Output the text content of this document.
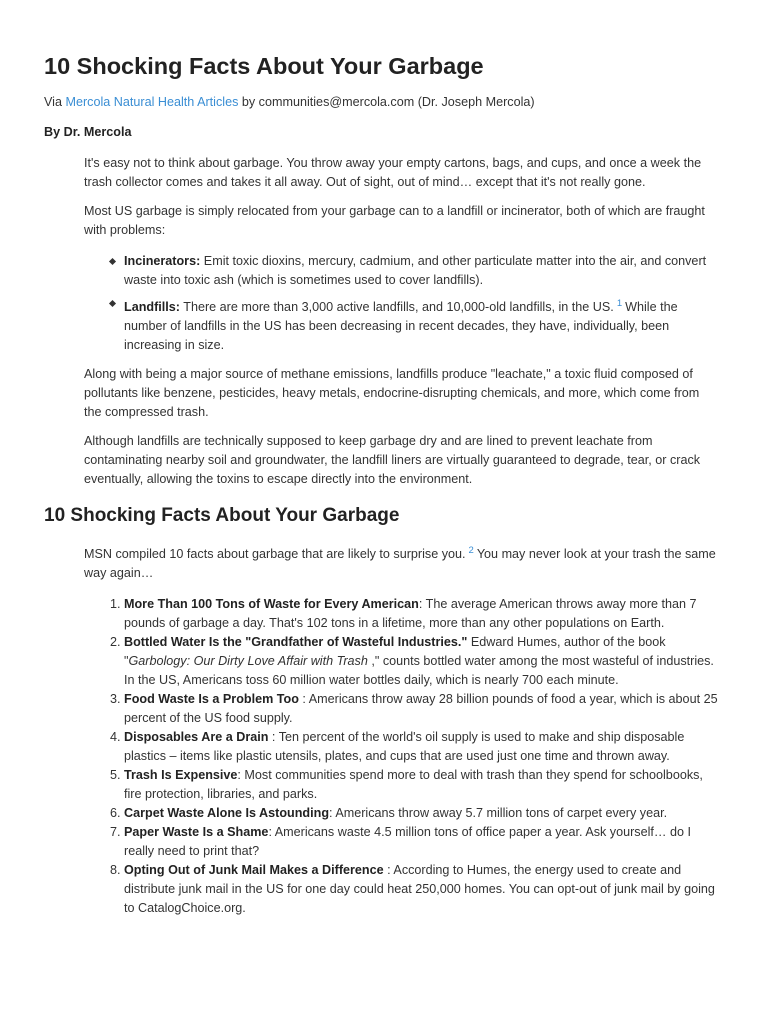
10 Shocking Facts About Your Garbage
Via Mercola Natural Health Articles by communities@mercola.com (Dr. Joseph Mercola)
By Dr. Mercola

It's easy not to think about garbage. You throw away your empty cartons, bags, and cups, and once a week the trash collector comes and takes it all away. Out of sight, out of mind… except that it's not really gone.

Most US garbage is simply relocated from your garbage can to a landfill or incinerator, both of which are fraught with problems:

Incinerators: Emit toxic dioxins, mercury, cadmium, and other particulate matter into the air, and convert waste into toxic ash (which is sometimes used to cover landfills).
Landfills: There are more than 3,000 active landfills, and 10,000-old landfills, in the US. $^1$ While the number of landfills in the US has been decreasing in recent decades, they have, individually, been increasing in size.

Along with being a major source of methane emissions, landfills produce "leachate," a toxic fluid composed of pollutants like benzene, pesticides, heavy metals, endocrine-disrupting chemicals, and more, which come from the compressed trash.

Although landfills are technically supposed to keep garbage dry and are lined to prevent leachate from contaminating nearby soil and groundwater, the landfill liners are virtually guaranteed to degrade, tear, or crack eventually, allowing the toxins to escape directly into the environment.

10 Shocking Facts About Your Garbage

MSN compiled 10 facts about garbage that are likely to surprise you. $^2$ You may never look at your trash the same way again…

1. More Than 100 Tons of Waste for Every American: The average American throws away more than 7 pounds of garbage a day. That's 102 tons in a lifetime, more than any other populations on Earth.
2. Bottled Water Is the "Grandfather of Wasteful Industries." Edward Humes, author of the book "Garbology: Our Dirty Love Affair with Trash ," counts bottled water among the most wasteful of industries. In the US, Americans toss 60 million water bottles daily, which is nearly 700 each minute.
3. Food Waste Is a Problem Too : Americans throw away 28 billion pounds of food a year, which is about 25 percent of the US food supply.
4. Disposables Are a Drain : Ten percent of the world's oil supply is used to make and ship disposable plastics – items like plastic utensils, plates, and cups that are used just one time and thrown away.
5. Trash Is Expensive: Most communities spend more to deal with trash than they spend for schoolbooks, fire protection, libraries, and parks.
6. Carpet Waste Alone Is Astounding: Americans throw away 5.7 million tons of carpet every year.
7. Paper Waste Is a Shame: Americans waste 4.5 million tons of office paper a year. Ask yourself… do I really need to print that?
8. Opting Out of Junk Mail Makes a Difference : According to Humes, the energy used to create and distribute junk mail in the US for one day could heat 250,000 homes. You can opt-out of junk mail by going to CatalogChoice.org.
